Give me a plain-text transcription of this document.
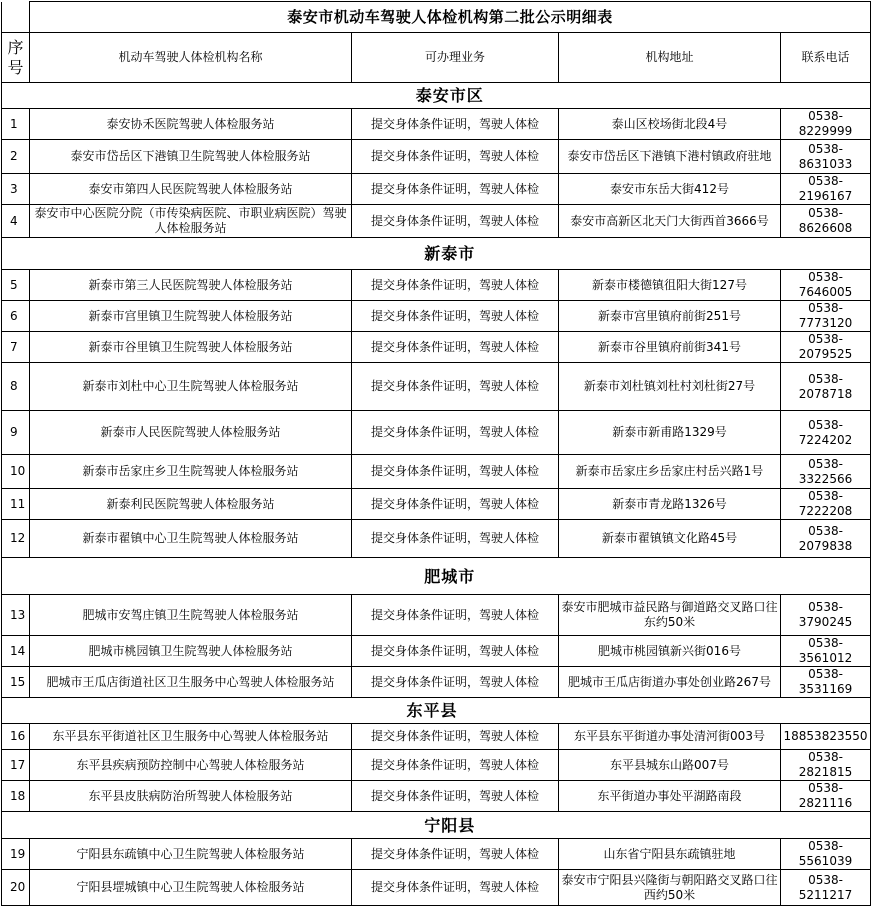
	泰安市机动车驾驶人体检机构第二批公示明细表			
序号	机动车驾驶人体检机构名称	可办理业务	机构地址	联系电话
	泰安市区			
1	泰安协禾医院驾驶人体检服务站	提交身体条件证明，驾驶人体检	泰山区校场街北段4号	0538-8229999
2	泰安市岱岳区下港镇卫生院驾驶人体检服务站	提交身体条件证明，驾驶人体检	泰安市岱岳区下港镇下港村镇政府驻地	0538-8631033
3	泰安市第四人民医院驾驶人体检服务站	提交身体条件证明，驾驶人体检	泰安市东岳大街412号	0538-2196167
4	泰安市中心医院分院（市传染病医院、市职业病医院）驾驶人体检服务站	提交身体条件证明，驾驶人体检	泰安市高新区北天门大街西首3666号	0538-8626608
	新泰市			
5	新泰市第三人民医院驾驶人体检服务站	提交身体条件证明，驾驶人体检	新泰市楼德镇徂阳大街127号	0538-7646005
6	新泰市宫里镇卫生院驾驶人体检服务站	提交身体条件证明，驾驶人体检	新泰市宫里镇府前街251号	0538-7773120
7	新泰市谷里镇卫生院驾驶人体检服务站	提交身体条件证明，驾驶人体检	新泰市谷里镇府前街341号	0538-2079525
8	新泰市刘杜中心卫生院驾驶人体检服务站	提交身体条件证明，驾驶人体检	新泰市刘杜镇刘杜村刘杜街27号	0538-2078718
9	新泰市人民医院驾驶人体检服务站	提交身体条件证明，驾驶人体检	新泰市新甫路1329号	0538-7224202
10	新泰市岳家庄乡卫生院驾驶人体检服务站	提交身体条件证明，驾驶人体检	新泰市岳家庄乡岳家庄村岳兴路1号	0538-3322566
11	新泰利民医院驾驶人体检服务站	提交身体条件证明，驾驶人体检	新泰市青龙路1326号	0538-7222208
12	新泰市翟镇中心卫生院驾驶人体检服务站	提交身体条件证明，驾驶人体检	新泰市翟镇镇文化路45号	0538-2079838
	肥城市			
13	肥城市安驾庄镇卫生院驾驶人体检服务站	提交身体条件证明，驾驶人体检	泰安市肥城市益民路与御道路交叉路口往东约50米	0538-3790245
14	肥城市桃园镇卫生院驾驶人体检服务站	提交身体条件证明，驾驶人体检	肥城市桃园镇新兴街016号	0538-3561012
15	肥城市王瓜店街道社区卫生服务中心驾驶人体检服务站	提交身体条件证明，驾驶人体检	肥城市王瓜店街道办事处创业路267号	0538-3531169
	东平县			
16	东平县东平街道社区卫生服务中心驾驶人体检服务站	提交身体条件证明，驾驶人体检	东平县东平街道办事处清河街003号	18853823550
17	东平县疾病预防控制中心驾驶人体检服务站	提交身体条件证明，驾驶人体检	东平县城东山路007号	0538-2821815
18	东平县皮肤病防治所驾驶人体检服务站	提交身体条件证明，驾驶人体检	东平街道办事处平湖路南段	0538-2821116
	宁阳县			
19	宁阳县东疏镇中心卫生院驾驶人体检服务站	提交身体条件证明，驾驶人体检	山东省宁阳县东疏镇驻地	0538-5561039
20	宁阳县堽城镇中心卫生院驾驶人体检服务站	提交身体条件证明，驾驶人体检	泰安市宁阳县兴隆街与朝阳路交叉路口往西约50米	0538-5211217
